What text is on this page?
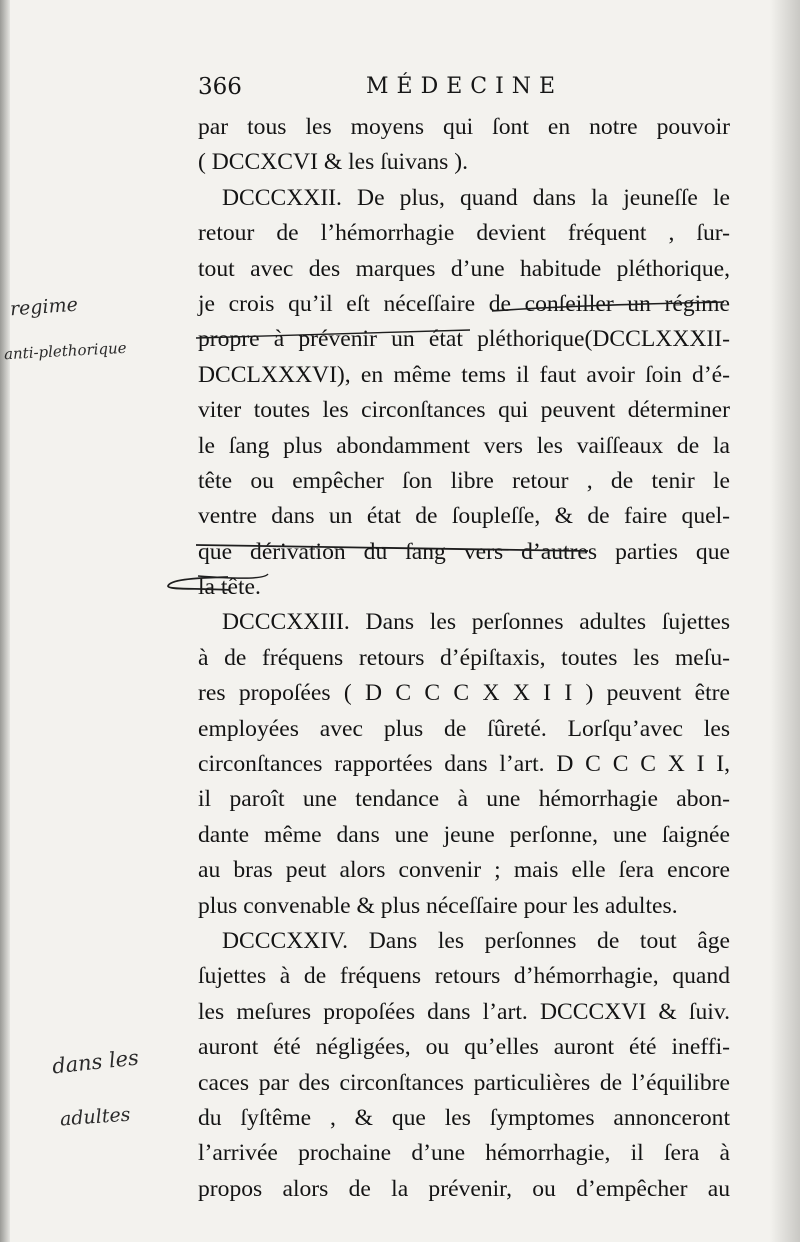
366	MÉDECINE
par tous les moyens qui ſont en notre pouvoir
( DCCXCVI & les ſuivans ).
DCCCXXII. De plus, quand dans la jeuneſſe le
retour de l’hémorrhagie devient fréquent , ſur-
tout avec des marques d’une habitude pléthorique,
je crois qu’il eſt néceſſaire de conſeiller un régime
propre à prévenir un état pléthorique(DCCLXXXII-
DCCLXXXVI), en même tems il faut avoir ſoin d’é-
viter toutes les circonſtances qui peuvent déterminer
le ſang plus abondamment vers les vaiſſeaux de la
tête ou empêcher ſon libre retour , de tenir le
ventre dans un état de ſoupleſſe, & de faire quel-
que dérivation du ſang vers d’autres parties que
la tête.
DCCCXXIII. Dans les perſonnes adultes ſujettes
à de fréquens retours d’épiſtaxis, toutes les meſu-
res propoſées ( D C C C X X I I ) peuvent être
employées avec plus de ſûreté. Lorſqu’avec les
circonſtances rapportées dans l’art. D C C C X I I,
il paroît une tendance à une hémorrhagie abon-
dante même dans une jeune perſonne, une ſaignée
au bras peut alors convenir ; mais elle ſera encore
plus convenable & plus néceſſaire pour les adultes.
DCCCXXIV. Dans les perſonnes de tout âge
ſujettes à de fréquens retours d’hémorrhagie, quand
les meſures propoſées dans l’art. DCCCXVI & ſuiv.
auront été négligées, ou qu’elles auront été ineffi-
caces par des circonſtances particulières de l’équilibre
du ſyſtême , & que les ſymptomes annonceront
l’arrivée prochaine d’une hémorrhagie, il ſera à
propos alors de la prévenir, ou d’empêcher au
regime
anti-plethorique
dans les
adultes
